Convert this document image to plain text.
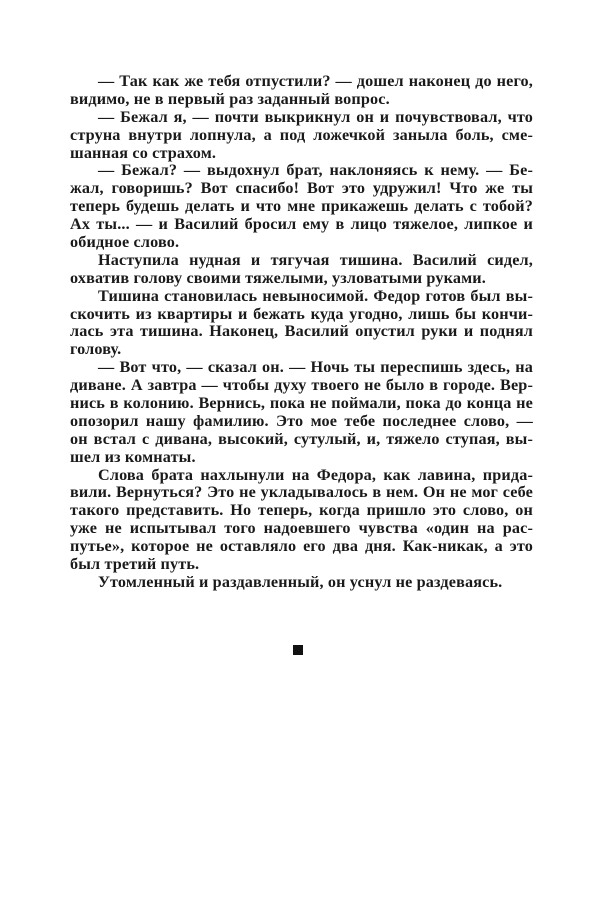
— Так как же тебя отпустили? — дошел наконец до него,
видимо, не в первый раз заданный вопрос.
— Бежал я, — почти выкрикнул он и почувствовал, что
струна внутри лопнула, а под ложечкой заныла боль, сме-
шанная со страхом.
— Бежал? — выдохнул брат, наклоняясь к нему. — Бе-
жал, говоришь? Вот спасибо! Вот это удружил! Что же ты
теперь будешь делать и что мне прикажешь делать с тобой?
Ах ты... — и Василий бросил ему в лицо тяжелое, липкое и
обидное слово.
Наступила нудная и тягучая тишина. Василий сидел,
охватив голову своими тяжелыми, узловатыми руками.
Тишина становилась невыносимой. Федор готов был вы-
скочить из квартиры и бежать куда угодно, лишь бы кончи-
лась эта тишина. Наконец, Василий опустил руки и поднял
голову.
— Вот что, — сказал он. — Ночь ты переспишь здесь, на
диване. А завтра — чтобы духу твоего не было в городе. Вер-
нись в колонию. Вернись, пока не поймали, пока до конца не
опозорил нашу фамилию. Это мое тебе последнее слово, —
он встал с дивана, высокий, сутулый, и, тяжело ступая, вы-
шел из комнаты.
Слова брата нахлынули на Федора, как лавина, прида-
вили. Вернуться? Это не укладывалось в нем. Он не мог себе
такого представить. Но теперь, когда пришло это слово, он
уже не испытывал того надоевшего чувства «один на рас-
путье», которое не оставляло его два дня. Как-никак, а это
был третий путь.
Утомленный и раздавленный, он уснул не раздеваясь.
